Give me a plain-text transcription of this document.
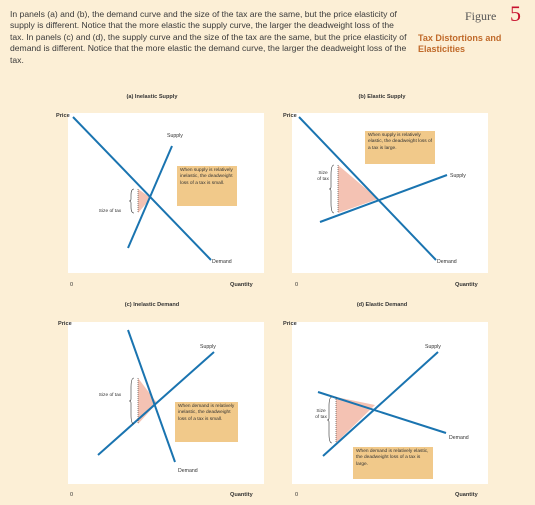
In panels (a) and (b), the demand curve and the size of the tax are the same, but the price elasticity of supply is different. Notice that the more elastic the supply curve, the larger the deadweight loss of the tax. In panels (c) and (d), the supply curve and the size of the tax are the same, but the price elasticity of demand is different. Notice that the more elastic the demand curve, the larger the deadweight loss of the tax.
Figure 5
Tax Distortions and Elasticities
(a) Inelastic Supply	(b) Elastic Supply
(c) Inelastic Demand	(d) Elastic Demand
Price	Price
Price	Price
Quantity	Quantity
Quantity	Quantity
0	0
0	0
Supply
Demand
Supply
Demand
Supply
Demand
Supply
Demand
When supply is relatively inelastic, the deadweight loss of a tax is small.
When supply is relatively elastic, the deadweight loss of a tax is large.
When demand is relatively inelastic, the deadweight loss of a tax is small.
When demand is relatively elastic, the deadweight loss of a tax is large.
Size of tax
Size of tax
Size of tax
Size of tax
